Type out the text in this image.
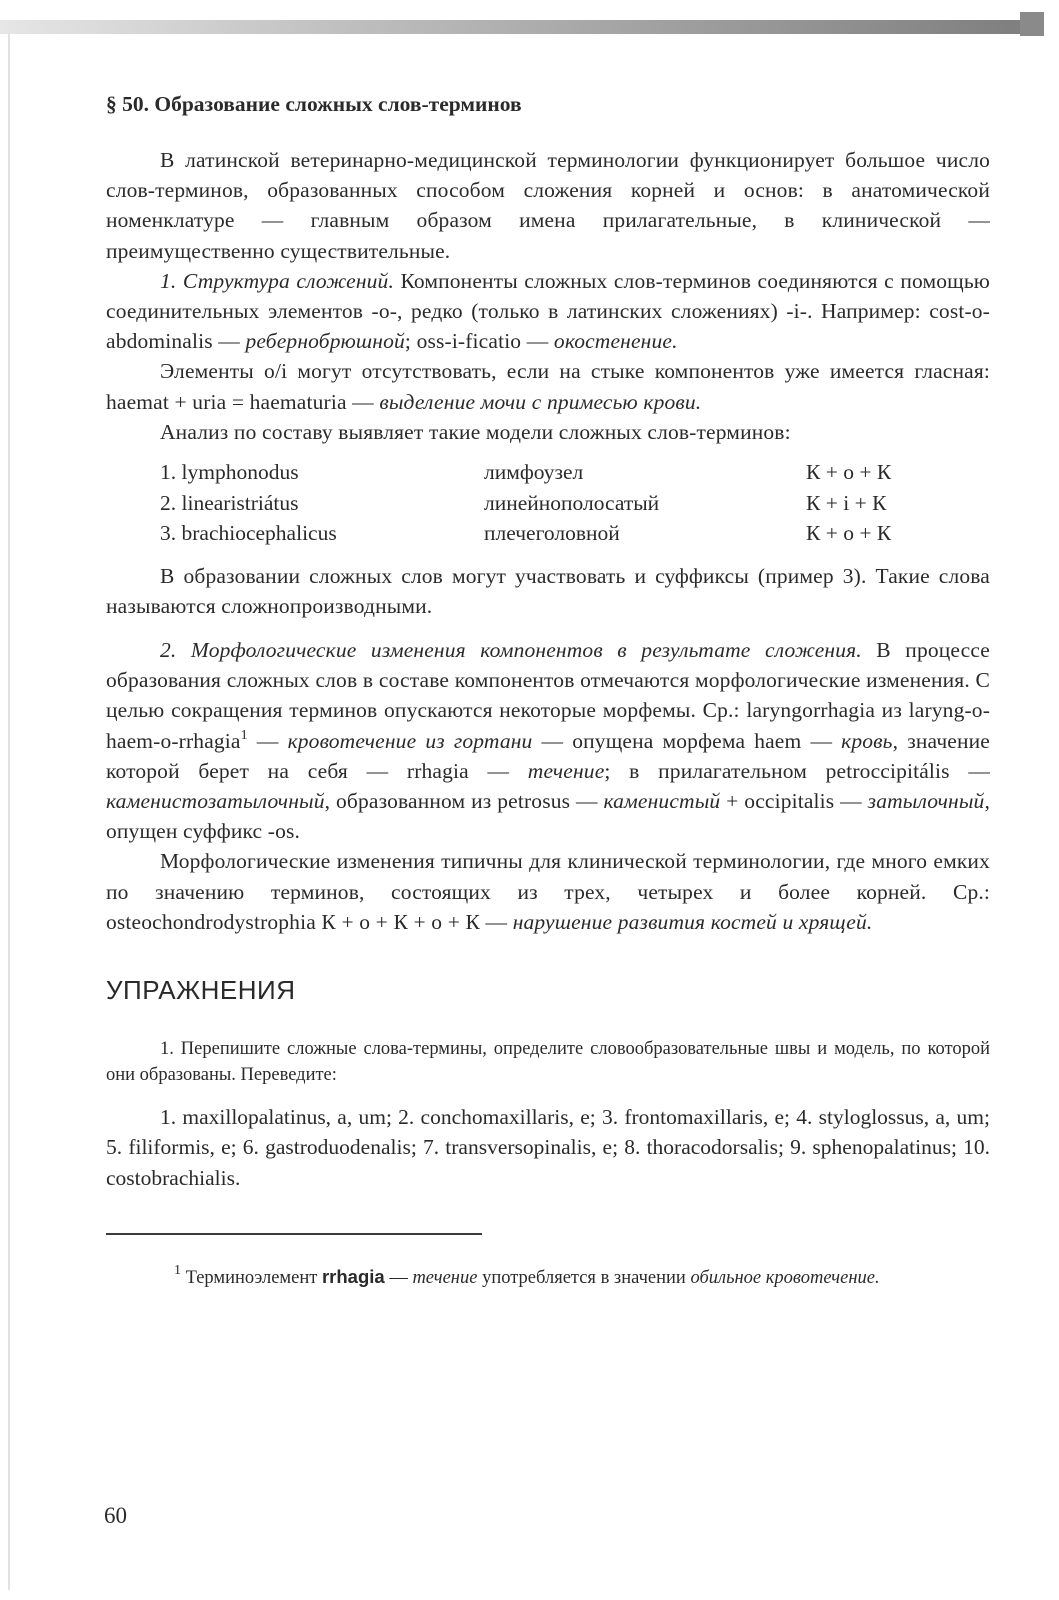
§ 50. Образование сложных слов-терминов

В латинской ветеринарно-медицинской терминологии функционирует большое число слов-терминов, образованных способом сложения корней и основ: в анатомической номенклатуре — главным образом имена прилагательные, в клинической — преимущественно существительные.

1. Структура сложений. Компоненты сложных слов-терминов соединяются с помощью соединительных элементов -o-, редко (только в латинских сложениях) -i-. Например: cost-o-abdominalis — ребернобрюшной; oss-i-ficatio — окостенение.

Элементы o/i могут отсутствовать, если на стыке компонентов уже имеется гласная: haemat + uria = haematuria — выделение мочи с примесью крови.

Анализ по составу выявляет такие модели сложных слов-терминов:

1. lymphonodus	лимфоузел	К + o + К
2. linearistriátus	линейнополосатый	К + i + К
3. brachiocephalicus	плечеголовной	К + o + К

В образовании сложных слов могут участвовать и суффиксы (пример 3). Такие слова называются сложнопроизводными.

2. Морфологические изменения компонентов в результате сложения. В процессе образования сложных слов в составе компонентов отмечаются морфологические изменения. С целью сокращения терминов опускаются некоторые морфемы. Ср.: laryngorrhagia из laryng-o-haem-o-rrhagia$^1$ — кровотечение из гортани — опущена морфема haem — кровь, значение которой берет на себя — rrhagia — течение; в прилагательном petroccipitális — каменистозатылочный, образованном из petrosus — каменистый + occipitalis — затылочный, опущен суффикс -os.

Морфологические изменения типичны для клинической терминологии, где много емких по значению терминов, состоящих из трех, четырех и более корней. Ср.: osteochondrodystrophia К + o + К + o + К — нарушение развития костей и хрящей.

УПРАЖНЕНИЯ

1. Перепишите сложные слова-термины, определите словообразовательные швы и модель, по которой они образованы. Переведите:

1. maxillopalatinus, a, um; 2. conchomaxillaris, e; 3. frontomaxillaris, e; 4. styloglossus, a, um; 5. filiformis, e; 6. gastroduodenalis; 7. transversopinalis, e; 8. thoracodorsalis; 9. sphenopalatinus; 10. costobrachialis.

$^1$ Терминоэлемент rrhagia — течение употребляется в значении обильное кровотечение.

60
